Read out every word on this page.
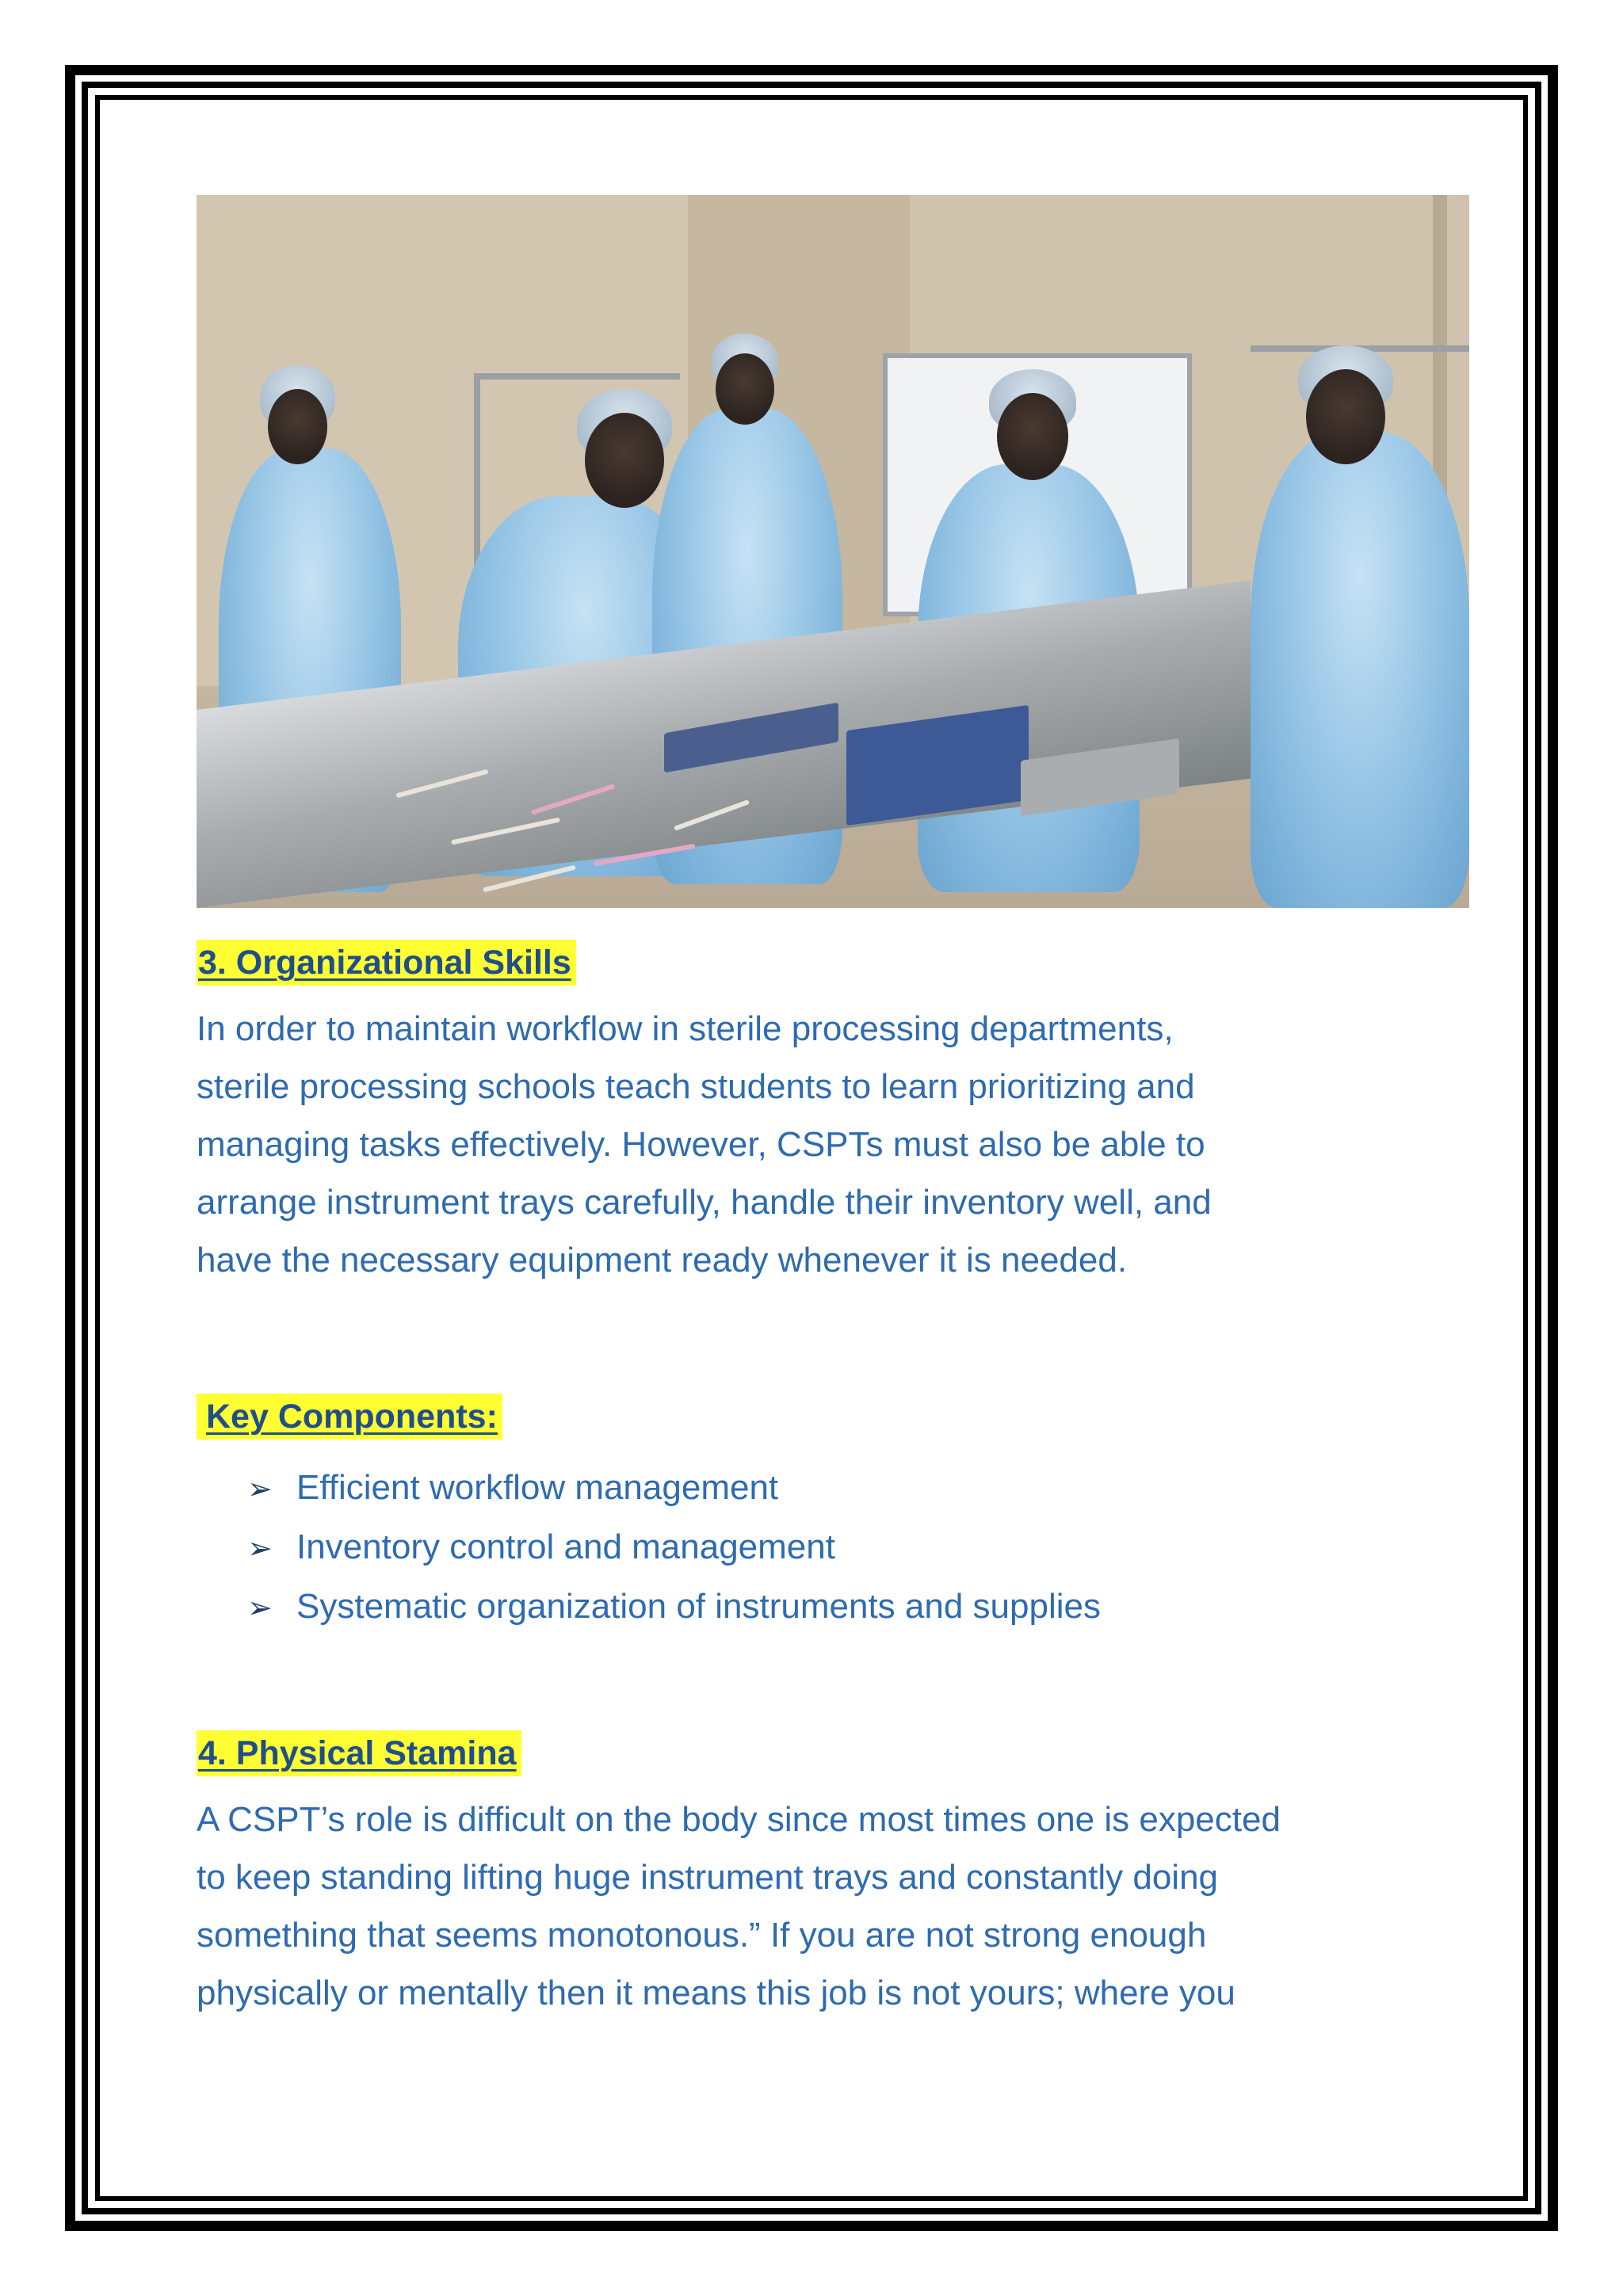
3. Organizational Skills

In order to maintain workflow in sterile processing departments,
sterile processing schools teach students to learn prioritizing and
managing tasks effectively. However, CSPTs must also be able to
arrange instrument trays carefully, handle their inventory well, and
have the necessary equipment ready whenever it is needed.

Key Components:
➢ Efficient workflow management
➢ Inventory control and management
➢ Systematic organization of instruments and supplies
4. Physical Stamina

A CSPT’s role is difficult on the body since most times one is expected
to keep standing lifting huge instrument trays and constantly doing
something that seems monotonous.” If you are not strong enough
physically or mentally then it means this job is not yours; where you
